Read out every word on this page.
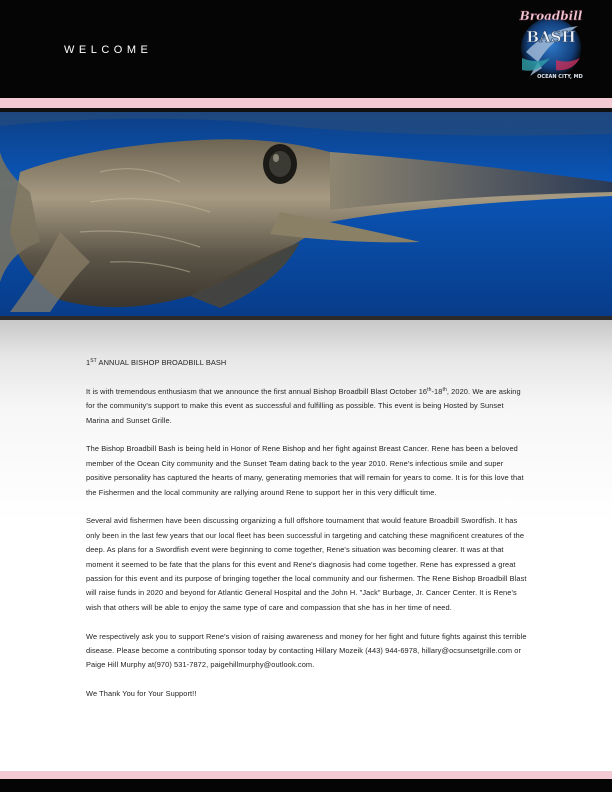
WELCOME
Broadbill
BASH
OCEAN CITY, MD

1ST ANNUAL BISHOP BROADBILL BASH

It is with tremendous enthusiasm that we announce the first annual Bishop Broadbill Blast October 16th-18th, 2020. We are asking for the community's support to make this event as successful and fulfilling as possible. This event is being Hosted by Sunset Marina and Sunset Grille.

The Bishop Broadbill Bash is being held in Honor of Rene Bishop and her fight against Breast Cancer. Rene has been a beloved member of the Ocean City community and the Sunset Team dating back to the year 2010. Rene's infectious smile and super positive personality has captured the hearts of many, generating memories that will remain for years to come. It is for this love that the Fishermen and the local community are rallying around Rene to support her in this very difficult time.

Several avid fishermen have been discussing organizing a full offshore tournament that would feature Broadbill Swordfish. It has only been in the last few years that our local fleet has been successful in targeting and catching these magnificent creatures of the deep. As plans for a Swordfish event were beginning to come together, Rene's situation was becoming clearer. It was at that moment it seemed to be fate that the plans for this event and Rene's diagnosis had come together. Rene has expressed a great passion for this event and its purpose of bringing together the local community and our fishermen. The Rene Bishop Broadbill Blast will raise funds in 2020 and beyond for Atlantic General Hospital and the John H. "Jack" Burbage, Jr. Cancer Center. It is Rene's wish that others will be able to enjoy the same type of care and compassion that she has in her time of need.

We respectively ask you to support Rene's vision of raising awareness and money for her fight and future fights against this terrible disease. Please become a contributing sponsor today by contacting Hillary Mozeik (443) 944-6978, hillary@ocsunsetgrille.com or Paige Hill Murphy at(970) 531-7872, paigehillmurphy@outlook.com.

We Thank You for Your Support!!
